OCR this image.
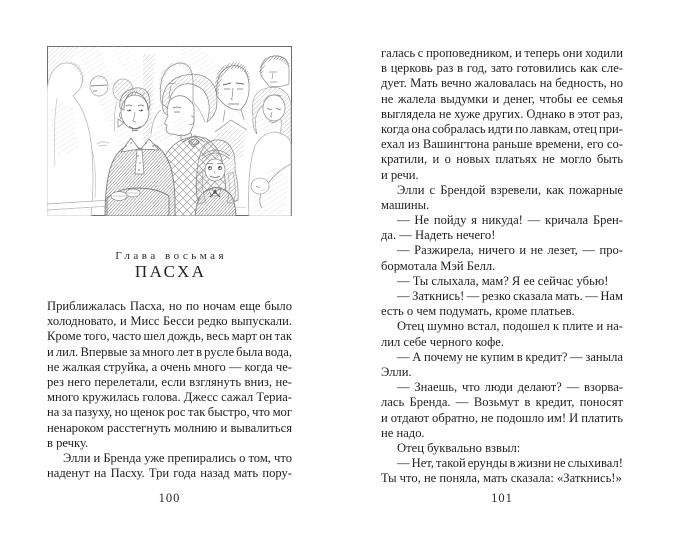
Глава восьмая
ПАСХА
Приближалась Пасха, но по ночам еще было
холодновато, и Мисс Бесси редко выпускали.
Кроме того, часто шел дождь, весь март он так
и лил. Впервые за много лет в русле была вода,
не жалкая струйка, а очень много — когда че-
рез него перелетали, если взглянуть вниз, не-
много кружилась голова. Джесс сажал Териа-
на за пазуху, но щенок рос так быстро, что мог
ненароком расстегнуть молнию и вывалиться
в речку.
Элли и Бренда уже препирались о том, что
наденут на Пасху. Три года назад мать пору-
100
галась с проповедником, и теперь они ходили
в церковь раз в год, зато готовились как сле-
дует. Мать вечно жаловалась на бедность, но
не жалела выдумки и денег, чтобы ее семья
выглядела не хуже других. Однако в этот раз,
когда она собралась идти по лавкам, отец при-
ехал из Вашингтона раньше времени, его со-
кратили, и о новых платьях не могло быть
и речи.
Элли с Брендой взревели, как пожарные
машины.
— Не пойду я никуда! — кричала Брен-
да. — Надеть нечего!
— Разжирела, ничего и не лезет, — про-
бормотала Мэй Белл.
— Ты слыхала, мам? Я ее сейчас убью!
— Заткнись! — резко сказала мать. — Нам
есть о чем подумать, кроме платьев.
Отец шумно встал, подошел к плите и на-
лил себе черного кофе.
— А почему не купим в кредит? — заныла
Элли.
— Знаешь, что люди делают? — взорва-
лась Бренда. — Возьмут в кредит, поносят
и отдают обратно, не подошло им! И платить
не надо.
Отец буквально взвыл:
— Нет, такой ерунды в жизни не слыхивал!
Ты что, не поняла, мать сказала: «Заткнись!»
101
